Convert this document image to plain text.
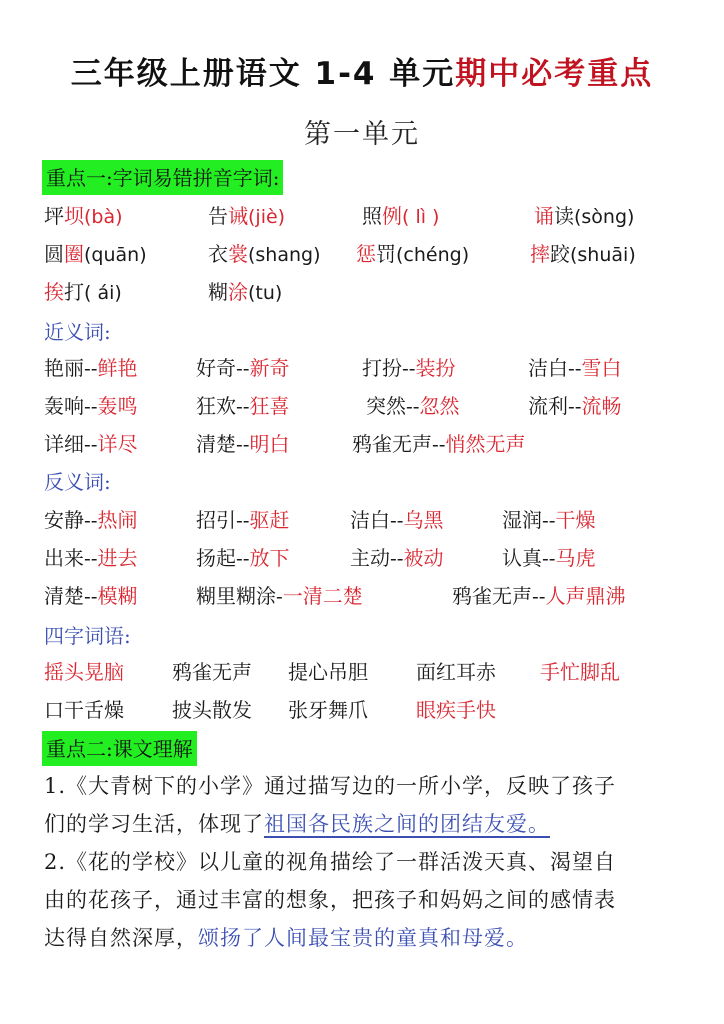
三年级上册语文 1-4 单元期中必考重点
第一单元
重点一:字词易错拼音字词:
坪坝(bà)	告诫(jiè)	照例( lì )	诵读(sòng)
圆圈(quān)	衣裳(shang) 惩罚(chéng)	摔跤(shuāi)
挨打( ái)	糊涂(tu)
近义词:
艳丽--鲜艳	好奇--新奇	打扮--装扮	洁白--雪白
轰响--轰鸣	狂欢--狂喜	突然--忽然	流利--流畅
详细--详尽	清楚--明白	鸦雀无声--悄然无声
反义词:
安静--热闹	招引--驱赶	洁白--乌黑	湿润--干燥
出来--进去	扬起--放下	主动--被动	认真--马虎
清楚--模糊	糊里糊涂-一清二楚	鸦雀无声--人声鼎沸
四字词语:
摇头晃脑 鸦雀无声 提心吊胆 面红耳赤 手忙脚乱
口干舌燥 披头散发 张牙舞爪 眼疾手快
重点二:课文理解
1.《大青树下的小学》通过描写边的一所小学，反映了孩子
们的学习生活，体现了祖国各民族之间的团结友爱。
2.《花的学校》以儿童的视角描绘了一群活泼天真、渴望自
由的花孩子，通过丰富的想象，把孩子和妈妈之间的感情表
达得自然深厚，颂扬了人间最宝贵的童真和母爱。
